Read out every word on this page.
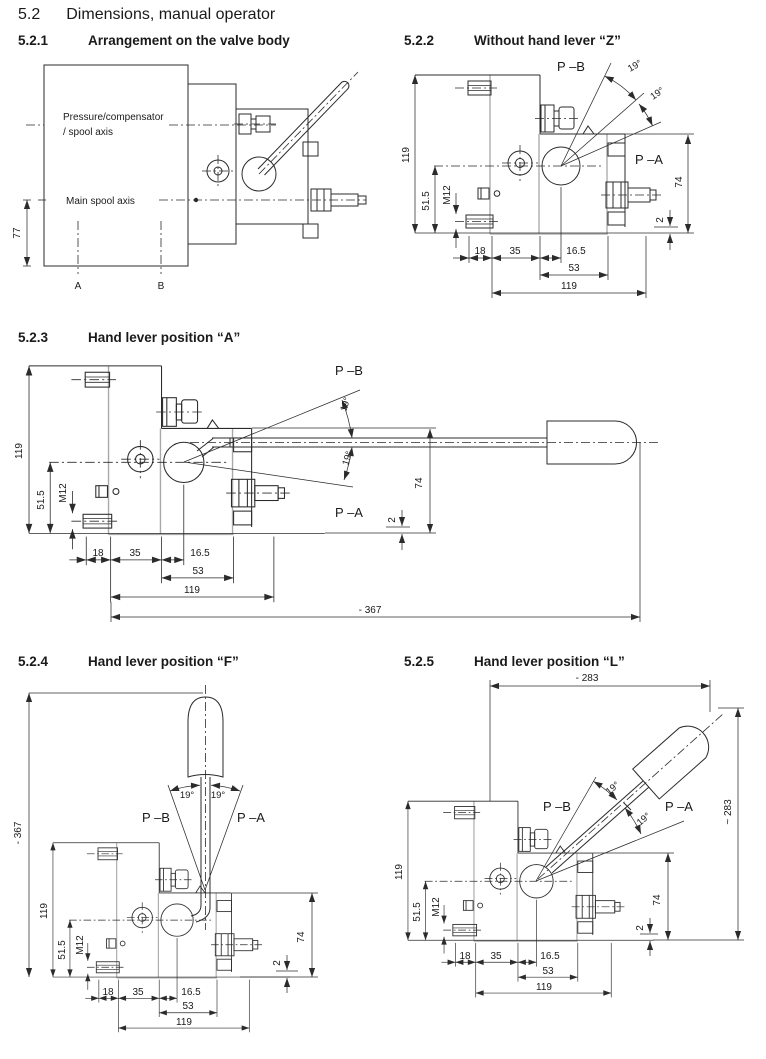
5.2 Dimensions, manual operator
5.2.1	Arrangement on the valve body	5.2.2	Without hand lever “Z”
5.2.3	Hand lever position “A”
5.2.4	Hand lever position “F”	5.2.5	Hand lever position “L”
Pressure/compensator
/ spool axis
Main spool axis
77
A	B
P –B
P –A
19°
19°
119
51.5 M12
18 35	16.5
53
119
74
2
P –B
P –A
19°
19°
119
51.5 M12
18	35	16.5
53
119
74
2
- 367
P –B	P –A
19° 19°
- 367
119
51.5 M12
18 35	16.5
53
119
74
2
P –B	P –A
19°
19°
- 283
~ 283
119
51.5 M12
18 35	16.5
53
119
74
2
